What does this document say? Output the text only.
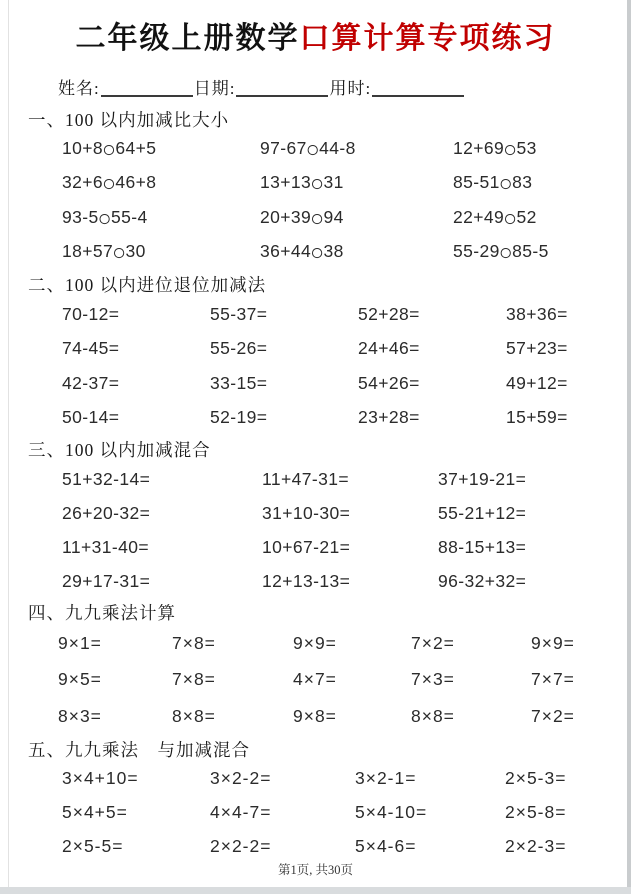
二年级上册数学口算计算专项练习
姓名:	日期:	用时:
一、100 以内加减比大小
10+8○64+5	97-67○44-8	12+69○53
32+6○46+8	13+13○31	85-51○83
93-5○55-4	20+39○94	22+49○52
18+57○30	36+44○38	55-29○85-5
二、100 以内进位退位加减法
70-12=	55-37=	52+28=	38+36=
74-45=	55-26=	24+46=	57+23=
42-37=	33-15=	54+26=	49+12=
50-14=	52-19=	23+28=	15+59=
三、100 以内加减混合
51+32-14=	11+47-31=	37+19-21=
26+20-32=	31+10-30=	55-21+12=
11+31-40=	10+67-21=	88-15+13=
29+17-31=	12+13-13=	96-32+32=
四、九九乘法计算
9×1=	7×8=	9×9=	7×2=	9×9=
9×5=	7×8=	4×7=	7×3=	7×7=
8×3=	8×8=	9×8=	8×8=	7×2=
五、九九乘法　与加减混合
3×4+10=	3×2-2=	3×2-1=	2×5-3=
5×4+5=	4×4-7=	5×4-10=	2×5-8=
2×5-5=	2×2-2=	5×4-6=	2×2-3=
第1页, 共30页
